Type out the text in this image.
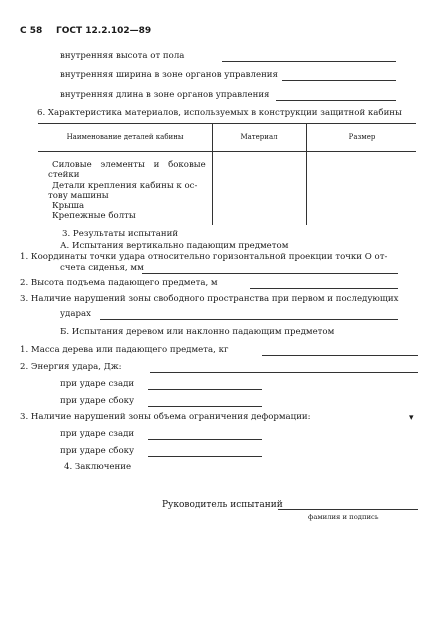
С 58 ГОСТ 12.2.102—89
внутренняя высота от пола
внутренняя ширина в зоне органов управления
внутренняя длина в зоне органов управления
6. Характеристика материалов, используемых в конструкции защитной кабины
Наименование деталей кабины	Материал	Размер
Силовые элементы и боковые
стейки
Детали крепления кабины к ос-
тову машины
Крыша
Крепежные болты
3. Результаты испытаний
А. Испытания вертикально падающим предметом
1. Координаты точки удара относительно горизонтальной проекции точки О от-
счета сиденья, мм
2. Высота подъема падающего предмета, м
3. Наличие нарушений зоны свободного пространства при первом и последующих
ударах
Б. Испытания деревом или наклонно падающим предметом
1. Масса дерева или падающего предмета, кг
2. Энергия удара, Дж:
при ударе сзади
при ударе сбоку
3. Наличие нарушений зоны объема ограничения деформации:	▾
при ударе сзади
при ударе сбоку
4. Заключение
Руководитель испытаний
фамилия и подпись
